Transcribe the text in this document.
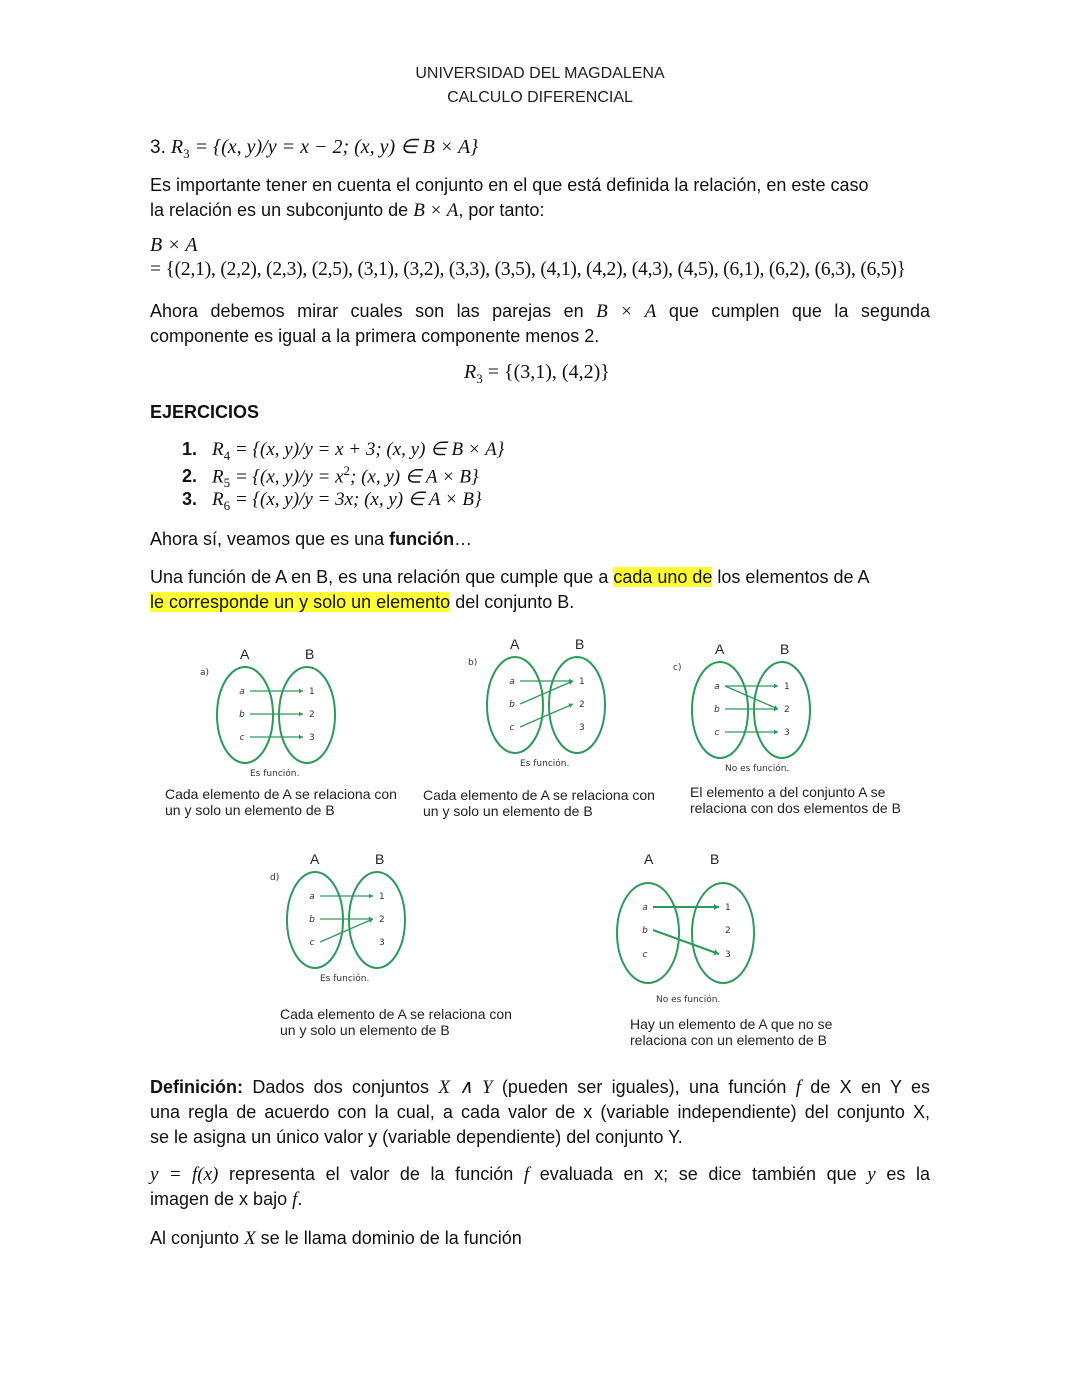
UNIVERSIDAD DEL MAGDALENA
CALCULO DIFERENCIAL
3. $R_3 = \{(x$, y)/y = x − 2; (x, y) ∈ B × A}
Es importante tener en cuenta el conjunto en el que está definida la relación, en este caso
la relación es un subconjunto de B × A, por tanto:
B × A
= {(2,1), (2,2), (2,3), (2,5), (3,1), (3,2), (3,3), (3,5), (4,1), (4,2), (4,3), (4,5), (6,1), (6,2), (6,3), (6,5)}
Ahora debemos mirar cuales son las parejas en B × A que cumplen que la segunda
componente es igual a la primera componente menos 2.
$R_3 = \{(3,1)$, (4,2)}
EJERCICIOS
1. $R_4 = \{(x$, y)/y = x + 3; (x, y) ∈ B × A}
2. $R_5 = \{(x$, $y)/y = x^2$; (x, y) ∈ A × B}
3. $R_6 = \{(x$, y)/y = 3x; (x, y) ∈ A × B}
Ahora sí, veamos que es una función…
Una función de A en B, es una relación que cumple que a cada uno de los elementos de A
le corresponde un y solo un elemento del conjunto B.
A	B
a)
a
b
c
1
2
3
Es función.
Cada elemento de A se relaciona con
un y solo un elemento de B
A	B
b)
a
b
c
1
2
3
Es función.
Cada elemento de A se relaciona con
un y solo un elemento de B
A	B
c)
a
b
c
1
2
3
No es función.
El elemento a del conjunto A se
relaciona con dos elementos de B
A	B
d)
a
b
c
1
2
3
Es función.
Cada elemento de A se relaciona con
un y solo un elemento de B
A	B
a
b
c
1
2
3
No es función.
Hay un elemento de A que no se
relaciona con un elemento de B
Definición: Dados dos conjuntos X ∧ Y (pueden ser iguales), una función f de X en Y es
una regla de acuerdo con la cual, a cada valor de x (variable independiente) del conjunto X,
se le asigna un único valor y (variable dependiente) del conjunto Y.
y = f(x) representa el valor de la función f evaluada en x; se dice también que y es la
imagen de x bajo f.
Al conjunto X se le llama dominio de la función
